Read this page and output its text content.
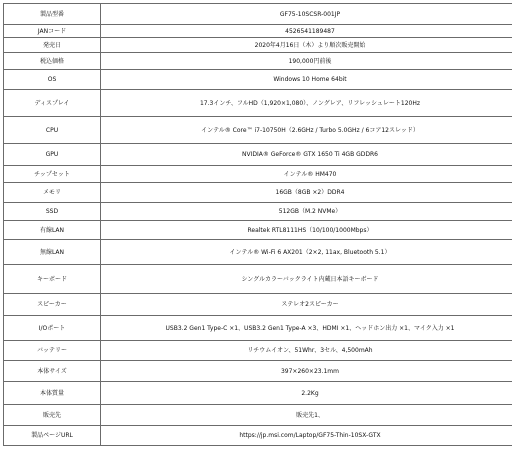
製品型番	GF75-10SCSR-001JP
JANコード	4526541189487
発売日	2020年4月16日（木）より順次販売開始
税込価格	190,000円前後
OS	Windows 10 Home 64bit
ディスプレイ	17.3インチ、フルHD（1,920×1,080）、ノングレア、リフレッシュレート120Hz
CPU	インテル® Core™ i7-10750H（2.6GHz / Turbo 5.0GHz / 6コア12スレッド）
GPU	NVIDIA® GeForce® GTX 1650 Ti 4GB GDDR6
チップセット	インテル® HM470
メモリ	16GB（8GB ×2）DDR4
SSD	512GB（M.2 NVMe）
有線LAN	Realtek RTL8111HS（10/100/1000Mbps）
無線LAN	インテル® Wi-Fi 6 AX201（2×2, 11ax, Bluetooth 5.1）
キーボード	シングルカラーバックライト内蔵日本語キーボード
スピーカー	ステレオ2スピーカー
I/Oポート	USB3.2 Gen1 Type-C ×1、USB3.2 Gen1 Type-A ×3、HDMI ×1、ヘッドホン出力 ×1、マイク入力 ×1
バッテリー	リチウムイオン、51Whr、3セル、4,500mAh
本体サイズ	397×260×23.1mm
本体質量	2.2Kg
販売先	販売先1、
製品ページURL	https://jp.msi.com/Laptop/GF75-Thin-10SX-GTX
